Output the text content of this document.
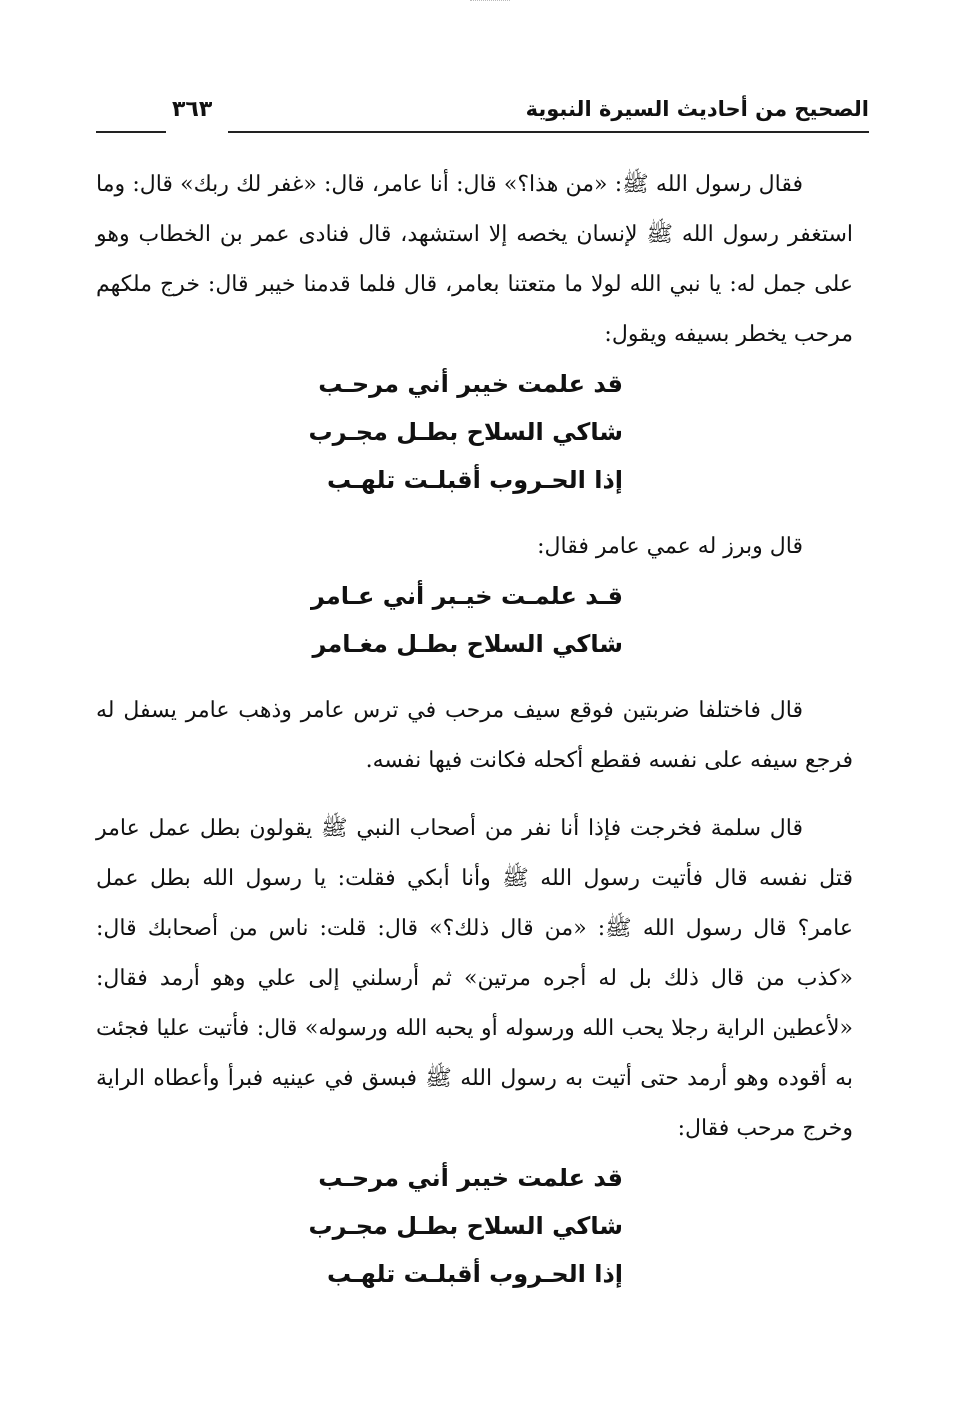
الصحيح من أحاديث السيرة النبوية
٣٦٣

فقال رسول الله ﷺ: «من هذا؟» قال: أنا عامر، قال: «غفر لك ربك» قال: وما استغفر رسول الله ﷺ لإنسان يخصه إلا استشهد، قال فنادى عمر بن الخطاب وهو على جمل له: يا نبي الله لولا ما متعتنا بعامر، قال فلما قدمنا خيبر قال: خرج ملكهم مرحب يخطر بسيفه ويقول:

قد علمت خيبر أني مرحـب
شاكي السلاح بطـل مجـرب
إذا الحـروب أقبلـت تلهـب

قال وبرز له عمي عامر فقال:

قـد علمـت خيـبر أني عـامر
شاكي السلاح بطـل مغـامر

قال فاختلفا ضربتين فوقع سيف مرحب في ترس عامر وذهب عامر يسفل له فرجع سيفه على نفسه فقطع أكحله فكانت فيها نفسه.

قال سلمة فخرجت فإذا أنا نفر من أصحاب النبي ﷺ يقولون بطل عمل عامر قتل نفسه قال فأتيت رسول الله ﷺ وأنا أبكي فقلت: يا رسول الله بطل عمل عامر؟ قال رسول الله ﷺ: «من قال ذلك؟» قال: قلت: ناس من أصحابك قال: «كذب من قال ذلك بل له أجره مرتين» ثم أرسلني إلى علي وهو أرمد فقال: «لأعطين الراية رجلا يحب الله ورسوله أو يحبه الله ورسوله» قال: فأتيت عليا فجئت به أقوده وهو أرمد حتى أتيت به رسول الله ﷺ فبسق في عينيه فبرأ وأعطاه الراية وخرج مرحب فقال:

قد علمت خيبر أني مرحـب
شاكي السلاح بطـل مجـرب
إذا الحـروب أقبلـت تلهـب
